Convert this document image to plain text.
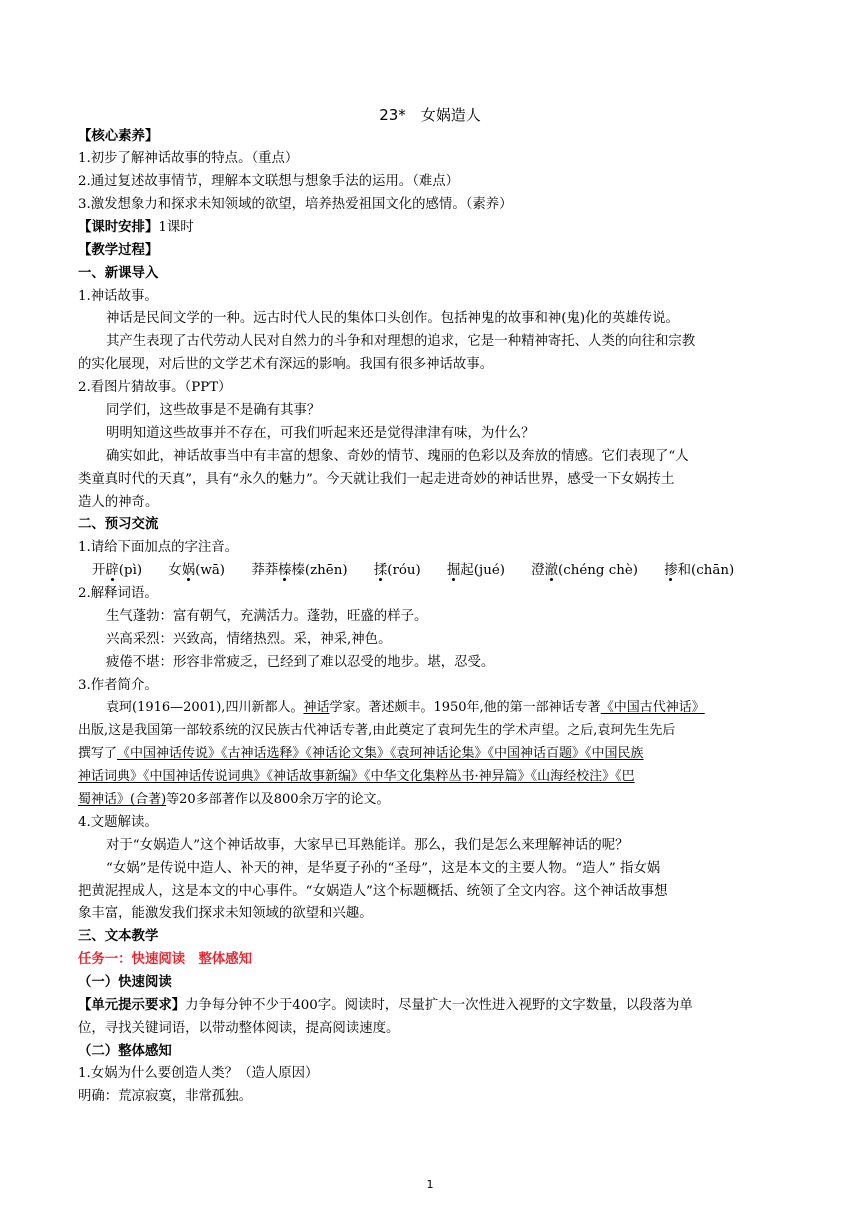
23*　女娲造人
【核心素养】
1.初步了解神话故事的特点。（重点）
2.通过复述故事情节，理解本文联想与想象手法的运用。（难点）
3.激发想象力和探求未知领域的欲望，培养热爱祖国文化的感情。（素养）
【课时安排】1课时
【教学过程】
一、新课导入
1.神话故事。
神话是民间文学的一种。远古时代人民的集体口头创作。包括神鬼的故事和神(鬼)化的英雄传说。
其产生表现了古代劳动人民对自然力的斗争和对理想的追求，它是一种精神寄托、人类的向往和宗教
的实化展现，对后世的文学艺术有深远的影响。我国有很多神话故事。
2.看图片猜故事。（PPT）
同学们，这些故事是不是确有其事？
明明知道这些故事并不存在，可我们听起来还是觉得津津有味，为什么？
确实如此，神话故事当中有丰富的想象、奇妙的情节、瑰丽的色彩以及奔放的情感。它们表现了“人
类童真时代的天真”，具有“永久的魅力”。今天就让我们一起走进奇妙的神话世界，感受一下女娲抟土
造人的神奇。
二、预习交流
1.请给下面加点的字注音。
开辟(pì) 女娲(wā) 莽莽榛榛(zhēn) 揉(róu) 掘起(jué) 澄澈(chéng chè) 掺和(chān)
2.解释词语。
生气蓬勃：富有朝气，充满活力。蓬勃，旺盛的样子。
兴高采烈：兴致高，情绪热烈。采，神采,神色。
疲倦不堪：形容非常疲乏，已经到了难以忍受的地步。堪，忍受。
3.作者简介。
袁珂(1916—2001),四川新都人。神话学家。著述颇丰。1950年,他的第一部神话专著《中国古代神话》
出版,这是我国第一部较系统的汉民族古代神话专著,由此奠定了袁珂先生的学术声望。之后,袁珂先生先后
撰写了《中国神话传说》《古神话选释》《神话论文集》《袁珂神话论集》《中国神话百题》《中国民族
神话词典》《中国神话传说词典》《神话故事新编》《中华文化集粹丛书·神异篇》《山海经校注》《巴
蜀神话》(合著)等20多部著作以及800余万字的论文。
4.文题解读。
对于“女娲造人”这个神话故事，大家早已耳熟能详。那么，我们是怎么来理解神话的呢？
“女娲”是传说中造人、补天的神，是华夏子孙的“圣母”，这是本文的主要人物。“造人” 指女娲
把黄泥捏成人，这是本文的中心事件。“女娲造人”这个标题概括、统领了全文内容。这个神话故事想
象丰富，能激发我们探求未知领域的欲望和兴趣。
三、文本教学
任务一：快速阅读　整体感知
（一）快速阅读
【单元提示要求】力争每分钟不少于400字。阅读时，尽量扩大一次性进入视野的文字数量，以段落为单
位，寻找关键词语，以带动整体阅读，提高阅读速度。
（二）整体感知
1.女娲为什么要创造人类？（造人原因）
明确：荒凉寂寞，非常孤独。
1
